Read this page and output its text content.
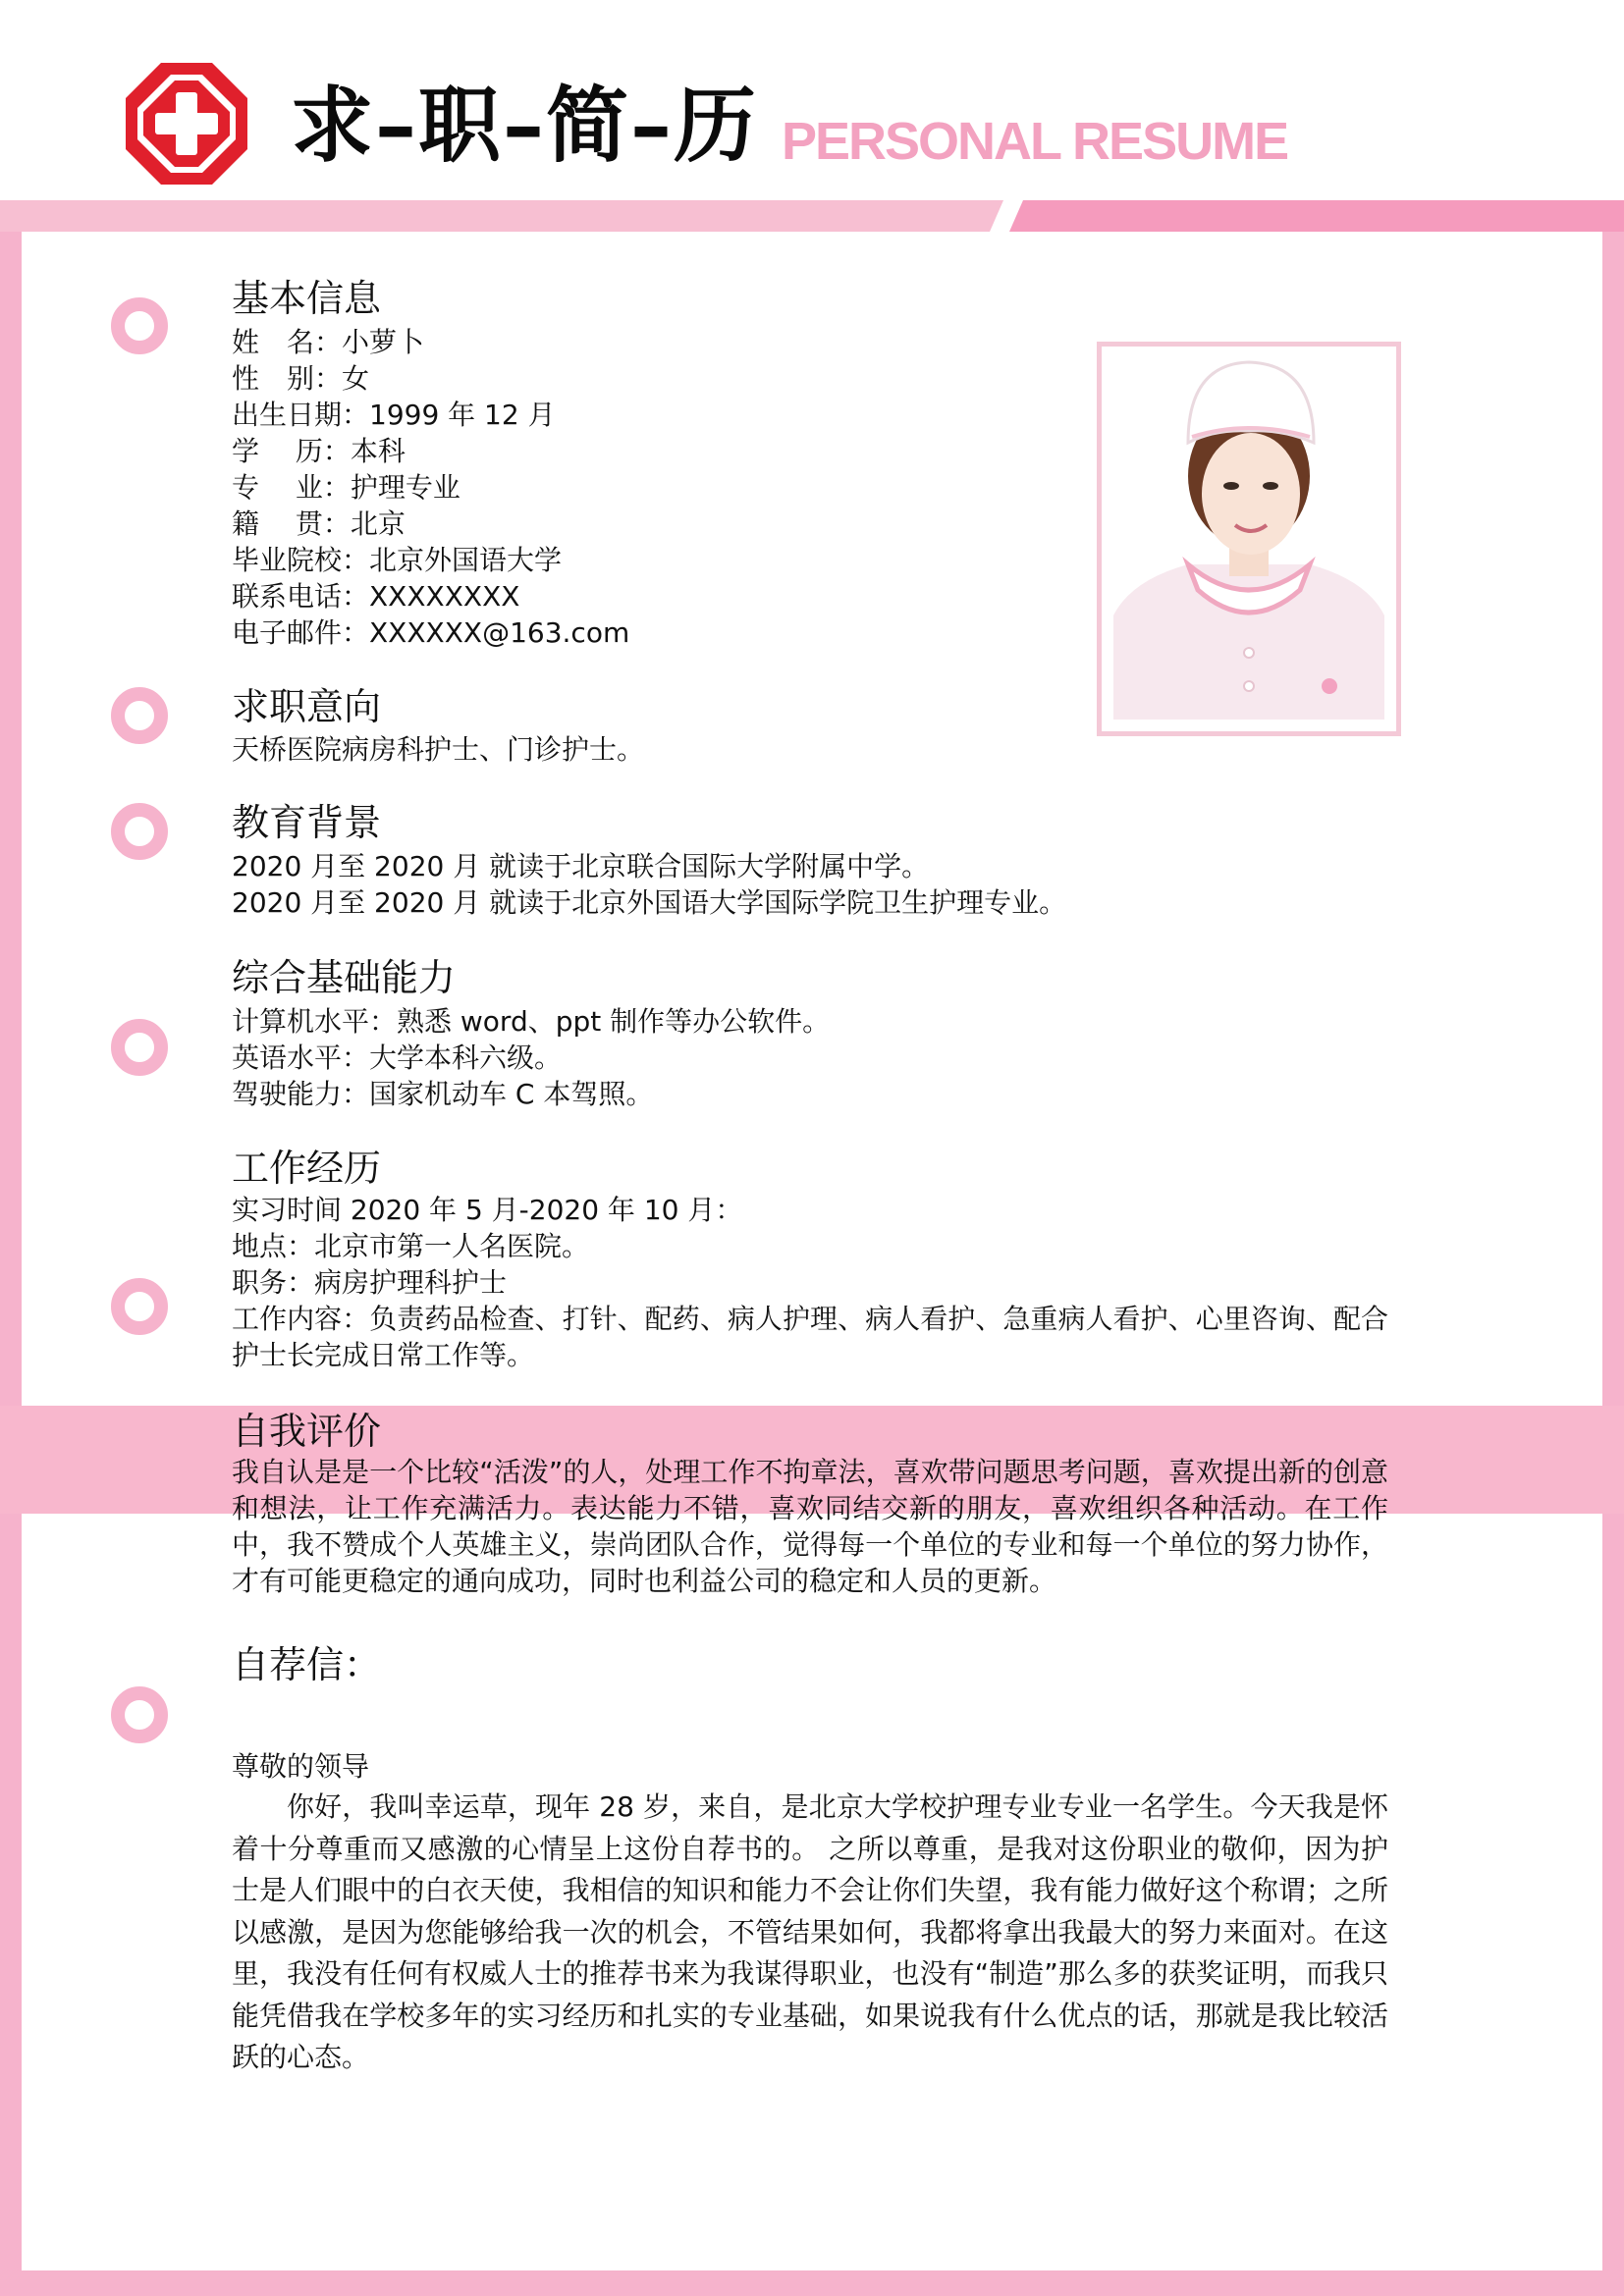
求–职–简–历 PERSONAL RESUME
基本信息
姓　名：小萝卜
性　别：女
出生日期：1999 年 12 月
学　 历：本科
专　 业：护理专业
籍　 贯：北京
毕业院校：北京外国语大学
联系电话：XXXXXXXX
电子邮件：XXXXXX@163.com
求职意向
天桥医院病房科护士、门诊护士。
教育背景
2020 月至 2020 月 就读于北京联合国际大学附属中学。
2020 月至 2020 月 就读于北京外国语大学国际学院卫生护理专业。
综合基础能力
计算机水平：熟悉 word、ppt 制作等办公软件。
英语水平：大学本科六级。
驾驶能力：国家机动车 C 本驾照。
工作经历
实习时间 2020 年 5 月-2020 年 10 月：
地点：北京市第一人名医院。
职务：病房护理科护士

工作内容：负责药品检查、打针、配药、病人护理、病人看护、急重病人看护、心里咨询、配合护士长完成日常工作等。

自我评价

我自认是是一个比较“活泼”的人，处理工作不拘章法，喜欢带问题思考问题，喜欢提出新的创意和想法，让工作充满活力。表达能力不错，喜欢同结交新的朋友，喜欢组织各种活动。在工作中，我不赞成个人英雄主义，崇尚团队合作，觉得每一个单位的专业和每一个单位的努力协作，才有可能更稳定的通向成功，同时也利益公司的稳定和人员的更新。

自荐信：
尊敬的领导

你好，我叫幸运草，现年 28 岁，来自，是北京大学校护理专业专业一名学生。今天我是怀着十分尊重而又感激的心情呈上这份自荐书的。 之所以尊重，是我对这份职业的敬仰，因为护士是人们眼中的白衣天使，我相信的知识和能力不会让你们失望，我有能力做好这个称谓；之所以感激，是因为您能够给我一次的机会，不管结果如何，我都将拿出我最大的努力来面对。在这里，我没有任何有权威人士的推荐书来为我谋得职业，也没有“制造”那么多的获奖证明，而我只能凭借我在学校多年的实习经历和扎实的专业基础，如果说我有什么优点的话，那就是我比较活跃的心态。
